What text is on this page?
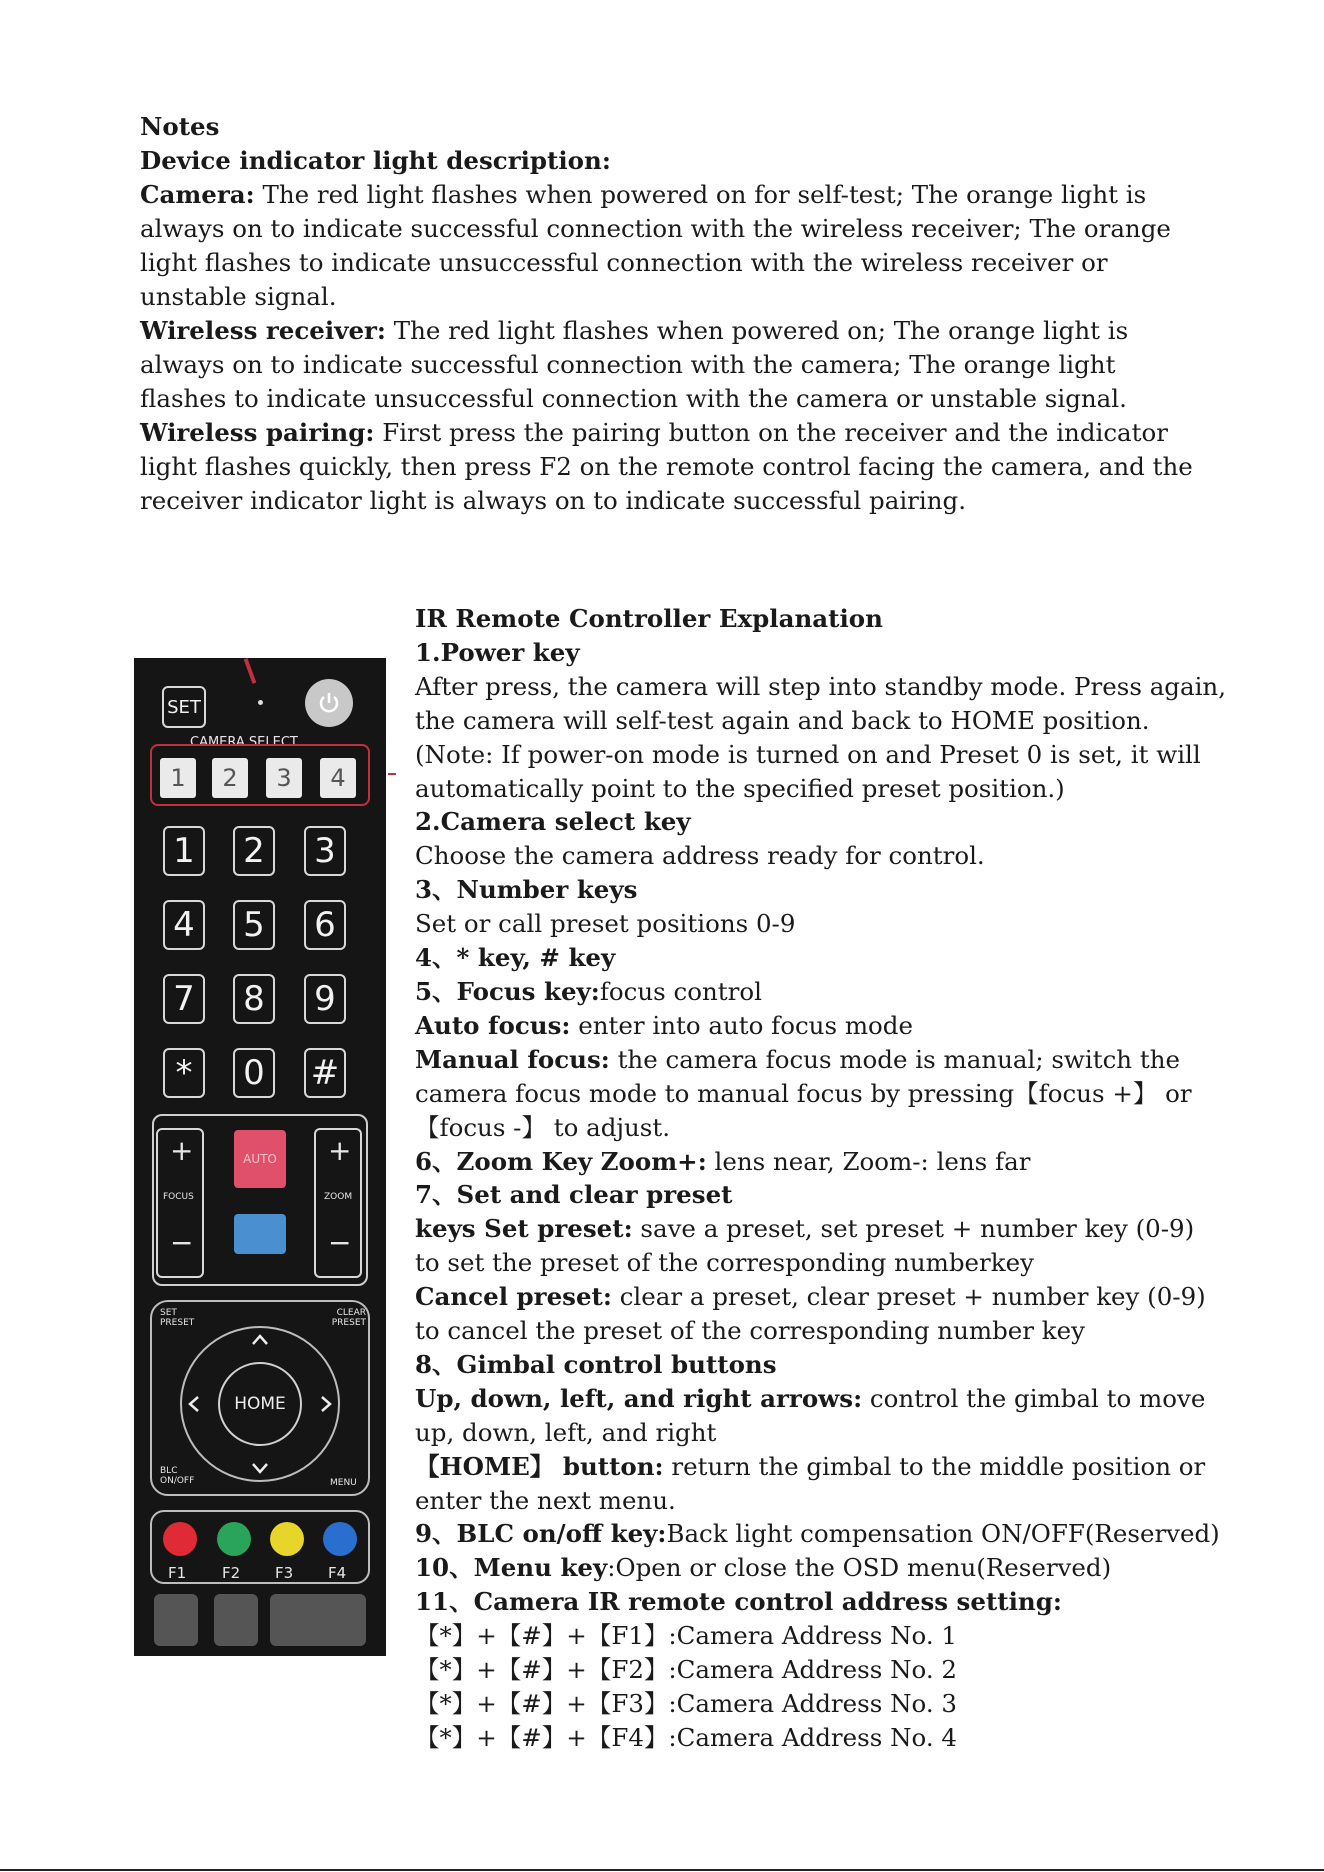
Notes

Device indicator light description:

Camera: The red light flashes when powered on for self-test; The orange light is always on to indicate successful connection with the wireless receiver; The orange light flashes to indicate unsuccessful connection with the wireless receiver or unstable signal.

Wireless receiver: The red light flashes when powered on; The orange light is always on to indicate successful connection with the camera; The orange light flashes to indicate unsuccessful connection with the camera or unstable signal.

Wireless pairing: First press the pairing button on the receiver and the indicator light flashes quickly, then press F2 on the remote control facing the camera, and the receiver indicator light is always on to indicate successful pairing.

IR Remote Controller Explanation

1.Power key

After press, the camera will step into standby mode. Press again,

the camera will self-test again and back to HOME position.

(Note: If power-on mode is turned on and Preset 0 is set, it will

automatically point to the specified preset position.)

2.Camera select key

Choose the camera address ready for control.

3、Number keys

Set or call preset positions 0-9

4、* key, # key

5、Focus key:focus control

Auto focus: enter into auto focus mode

Manual focus: the camera focus mode is manual; switch the camera focus mode to manual focus by pressing【focus +】 or 【focus -】 to adjust.

6、Zoom Key Zoom+: lens near, Zoom-: lens far

7、Set and clear preset

keys Set preset: save a preset, set preset + number key (0-9) to set the preset of the corresponding numberkey

Cancel preset: clear a preset, clear preset + number key (0-9) to cancel the preset of the corresponding number key

8、Gimbal control buttons

Up, down, left, and right arrows: control the gimbal to move up, down, left, and right

【HOME】 button: return the gimbal to the middle position or enter the next menu.

9、BLC on/off key:Back light compensation ON/OFF(Reserved)

10、Menu key:Open or close the OSD menu(Reserved)

11、Camera IR remote control address setting:

【*】+【#】+【F1】:Camera Address No. 1

【*】+【#】+【F2】:Camera Address No. 2

【*】+【#】+【F3】:Camera Address No. 3

【*】+【#】+【F4】:Camera Address No. 4

SET
CAMERA SELECT
1	2	3	4
1 2 3
4 5 6
7 8 9
*	0 #
+
FOCUS
−
+
ZOOM
−
AUTO
SET PRESET
CLEAR PRESET
HOME
BLC ON/OFF	MENU
F1 F2 F3 F4
